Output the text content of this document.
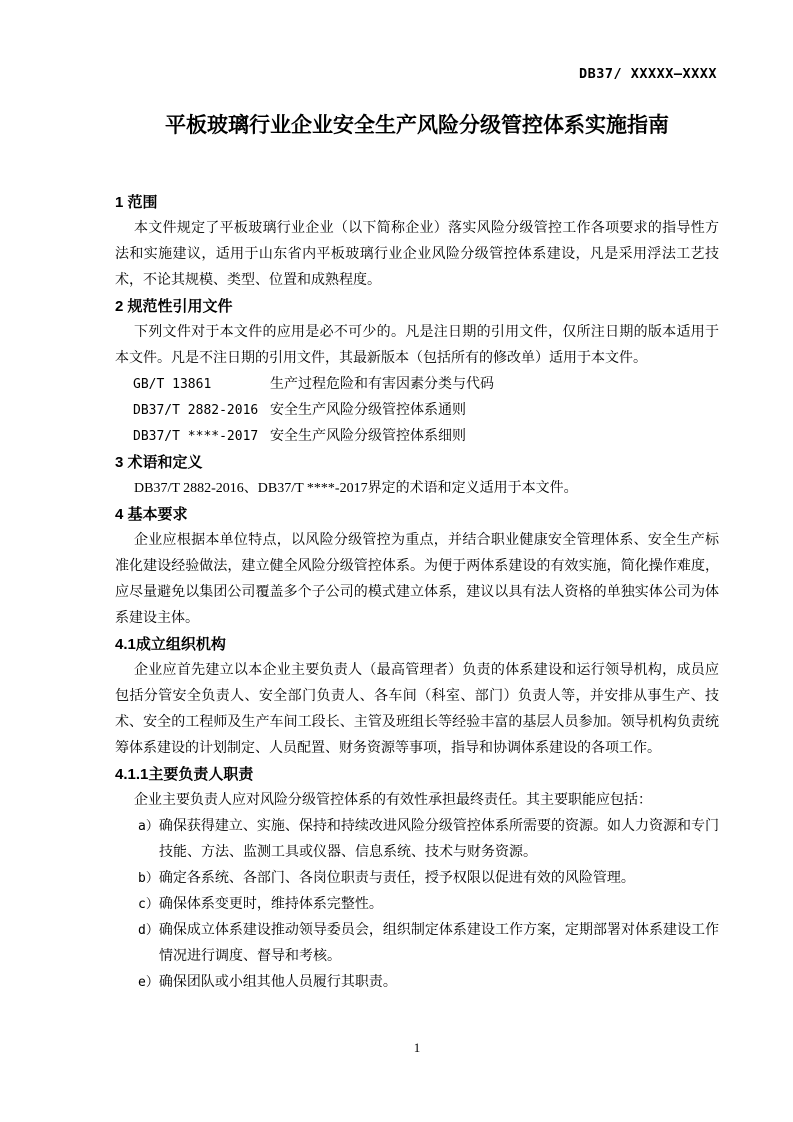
DB37/ XXXXX—XXXX
平板玻璃行业企业安全生产风险分级管控体系实施指南
1 范围

本文件规定了平板玻璃行业企业（以下简称企业）落实风险分级管控工作各项要求的指导性方法和实施建议，适用于山东省内平板玻璃行业企业风险分级管控体系建设，凡是采用浮法工艺技术，不论其规模、类型、位置和成熟程度。

2 规范性引用文件

下列文件对于本文件的应用是必不可少的。凡是注日期的引用文件，仅所注日期的版本适用于本文件。凡是不注日期的引用文件，其最新版本（包括所有的修改单）适用于本文件。

GB/T 13861	生产过程危险和有害因素分类与代码
DB37/T 2882-2016 安全生产风险分级管控体系通则
DB37/T ****-2017 安全生产风险分级管控体系细则
3 术语和定义

DB37/T 2882-2016、DB37/T ****-2017界定的术语和定义适用于本文件。

4 基本要求

企业应根据本单位特点，以风险分级管控为重点，并结合职业健康安全管理体系、安全生产标准化建设经验做法，建立健全风险分级管控体系。为便于两体系建设的有效实施，简化操作难度，应尽量避免以集团公司覆盖多个子公司的模式建立体系，建议以具有法人资格的单独实体公司为体系建设主体。

4.1成立组织机构

企业应首先建立以本企业主要负责人（最高管理者）负责的体系建设和运行领导机构，成员应包括分管安全负责人、安全部门负责人、各车间（科室、部门）负责人等，并安排从事生产、技术、安全的工程师及生产车间工段长、主管及班组长等经验丰富的基层人员参加。领导机构负责统筹体系建设的计划制定、人员配置、财务资源等事项，指导和协调体系建设的各项工作。

4.1.1主要负责人职责

企业主要负责人应对风险分级管控体系的有效性承担最终责任。其主要职能应包括：

a）确保获得建立、实施、保持和持续改进风险分级管控体系所需要的资源。如人力资源和专门技能、方法、监测工具或仪器、信息系统、技术与财务资源。
b）确定各系统、各部门、各岗位职责与责任，授予权限以促进有效的风险管理。
c）确保体系变更时，维持体系完整性。
d）确保成立体系建设推动领导委员会，组织制定体系建设工作方案，定期部署对体系建设工作情况进行调度、督导和考核。
e）确保团队或小组其他人员履行其职责。
1
